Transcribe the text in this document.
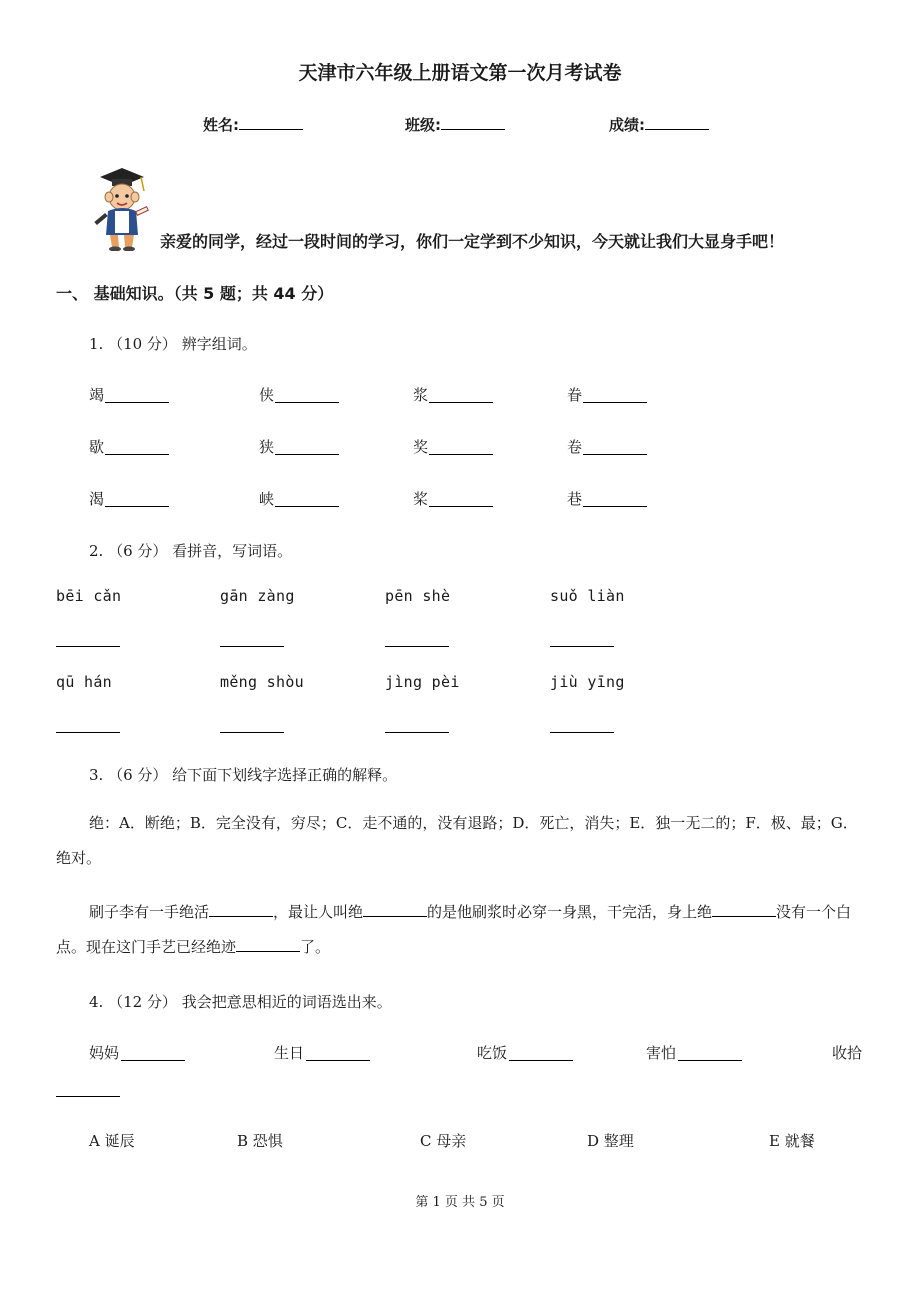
天津市六年级上册语文第一次月考试卷
姓名:	班级:	成绩:
亲爱的同学，经过一段时间的学习，你们一定学到不少知识，今天就让我们大显身手吧！
一、 基础知识。（共 5 题；共 44 分）
1. （10 分） 辨字组词。
竭	侠	浆	眷
歇	狭	奖	卷
渴	峡	桨	巷
2. （6 分） 看拼音，写词语。
bēi cǎn	gān zàng	pēn shè	suǒ liàn
qū hán	měng shòu	jìng pèi	jiù yīng
3. （6 分） 给下面下划线字选择正确的解释。
绝：A．断绝；B．完全没有，穷尽；C．走不通的，没有退路；D．死亡，消失；E．独一无二的；F．极、最；G．绝对。
刷子李有一手绝活	，最让人叫绝	的是他刷浆时必穿一身黑，干完活，身上绝	没有一个白点。现在这门手艺已经绝迹	了。
4. （12 分） 我会把意思相近的词语选出来。
妈妈	生日	吃饭	害怕	收拾
A 诞辰	B 恐惧	C 母亲	D 整理	E 就餐
第 1 页 共 5 页
